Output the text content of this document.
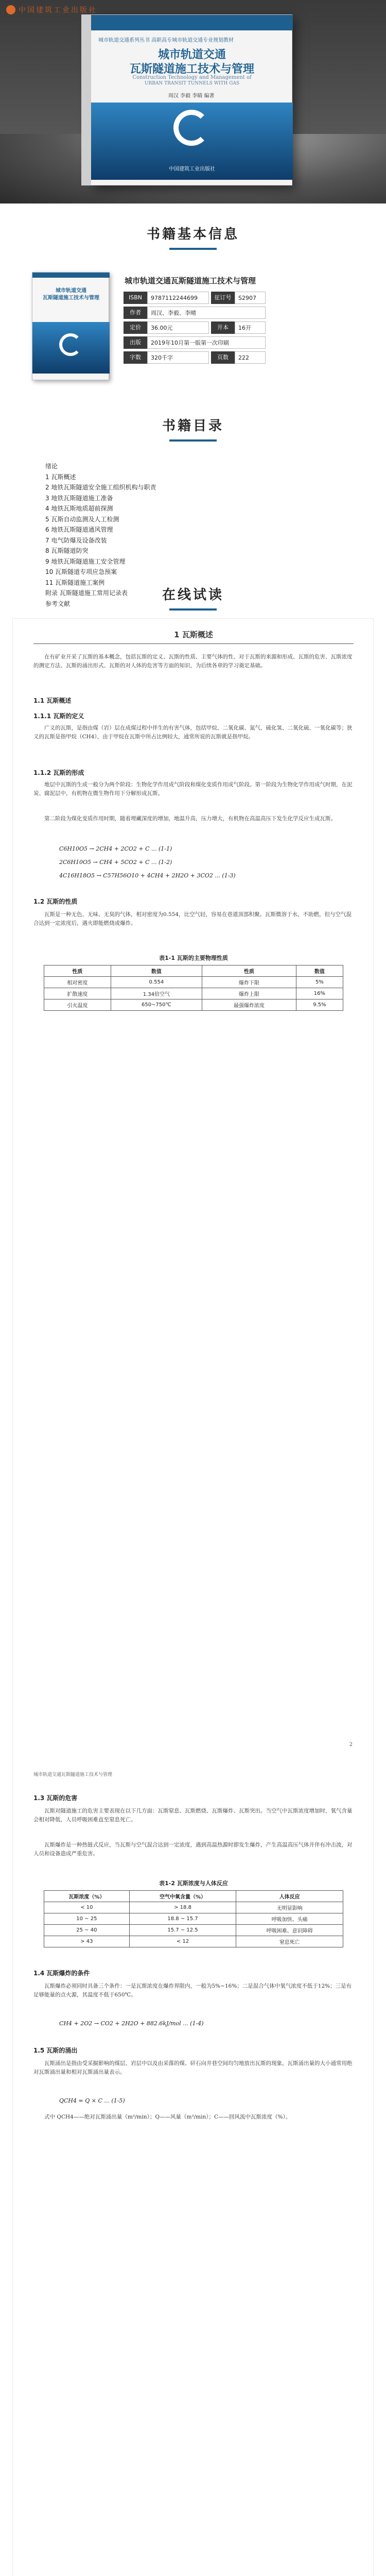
城市轨道交通系列丛书 高职高专城市轨道交通专业规划教材
城市轨道交通
瓦斯隧道施工技术与管理
Construction Technology and Management of
URBAN TRANSIT TUNNELS WITH GAS
周汉 李毅 李睛 编著
中国建筑工业出版社
中国建筑工业出版社
书籍基本信息
城市轨道交通
瓦斯隧道施工技术与管理
城市轨道交通瓦斯隧道施工技术与管理
ISBN	9787112244699	征订号	S2907
作者	周汉、李毅、李晴
定价	36.00元	开本	16开
出版	2019年10月第一版第一次印刷
字数	320千字	页数	222
书籍目录
绪论
1 瓦斯概述
2 地铁瓦斯隧道安全施工组织机构与职责
3 地铁瓦斯隧道施工准备
4 地铁瓦斯地质超前探测
5 瓦斯自动监测及人工检测
6 地铁瓦斯隧道通风管理
7 电气防爆及设备改装
8 瓦斯隧道防突
9 地铁瓦斯隧道施工安全管理
10 瓦斯隧道专项应急预案
11 瓦斯隧道施工案例
附录 瓦斯隧道施工常用记录表
参考文献
在线试读
1 瓦斯概述

在有矿业开采了瓦斯的基本概念，包括瓦斯的定义、瓦斯的性质、主要气体的性、对于瓦斯的来源和形成、瓦斯的危害、瓦斯浓度的测定方法、瓦斯的涌出形式、瓦斯的对人体的危害等方面的知识，为后续各章的学习奠定基础。

1.1 瓦斯概述
1.1.1 瓦斯的定义

广义的瓦斯，是指由煤（岩）层在成煤过程中伴生的有害气体，包括甲烷、二氧化碳、氮气、硫化氢、二氧化硫、一氧化碳等；狭义的瓦斯是指甲烷（CH4），由于甲烷在瓦斯中所占比例较大，通常所说的瓦斯就是指甲烷。

1.1.2 瓦斯的形成

地层中瓦斯的生成一般分为两个阶段：生物化学作用成气阶段和煤化变质作用成气阶段。第一阶段为生物化学作用成气时期，在泥炭、腐泥层中，有机物在微生物作用下分解形成瓦斯。

第二阶段为煤化变质作用时期，随着埋藏深度的增加，地温升高，压力增大，有机物在高温高压下发生化学反应生成瓦斯。

C6H10O5 → 2CH4 + 2CO2 + C ... (1-1)
2C6H10O5 → CH4 + 5CO2 + C ... (1-2)
4C16H18O5 → C57H56O10 + 4CH4 + 2H2O + 3CO2 ... (1-3)
1.2 瓦斯的性质

瓦斯是一种无色、无味、无臭的气体，相对密度为0.554，比空气轻，容易在巷道顶部积聚。瓦斯微溶于水，不助燃，但与空气混合达到一定浓度后，遇火即能燃烧或爆炸。

表1-1 瓦斯的主要物理性质
性质	数值	性质	数值
相对密度	0.554	爆炸下限	5%
扩散速度	1.34倍空气	爆炸上限	16%
引火温度	650~750℃	最强爆炸浓度	9.5%
2
城市轨道交通瓦斯隧道施工技术与管理
1.3 瓦斯的危害

瓦斯对隧道施工的危害主要表现在以下几方面：瓦斯窒息、瓦斯燃烧、瓦斯爆炸、瓦斯突出。当空气中瓦斯浓度增加时，氧气含量会相对降低，人员呼吸困难直至窒息死亡。

瓦斯爆炸是一种热链式反应，当瓦斯与空气混合达到一定浓度，遇到高温热源时即发生爆炸，产生高温高压气体并伴有冲击波，对人员和设备造成严重危害。

表1-2 瓦斯浓度与人体反应
瓦斯浓度（%）	空气中氧含量（%）	人体反应
< 10	> 18.8	无明显影响
10 ~ 25	18.8 ~ 15.7	呼吸加快、头痛
25 ~ 40	15.7 ~ 12.5	呼吸困难、意识障碍
> 43	< 12	窒息死亡
1.4 瓦斯爆炸的条件

瓦斯爆炸必须同时具备三个条件：一是瓦斯浓度在爆炸界限内，一般为5%~16%；二是混合气体中氧气浓度不低于12%；三是有足够能量的点火源，其温度不低于650℃。

CH4 + 2O2 → CO2 + 2H2O + 882.6kJ/mol ... (1-4)
1.5 瓦斯的涌出

瓦斯涌出是指由受采掘影响的煤层、岩层中以及由采落的煤、矸石向井巷空间均匀地放出瓦斯的现象。瓦斯涌出量的大小通常用绝对瓦斯涌出量和相对瓦斯涌出量表示。

QCH4 = Q × C ... (1-5)

式中 QCH4——绝对瓦斯涌出量（m³/min）；Q——风量（m³/min）；C——回风流中瓦斯浓度（%）。
